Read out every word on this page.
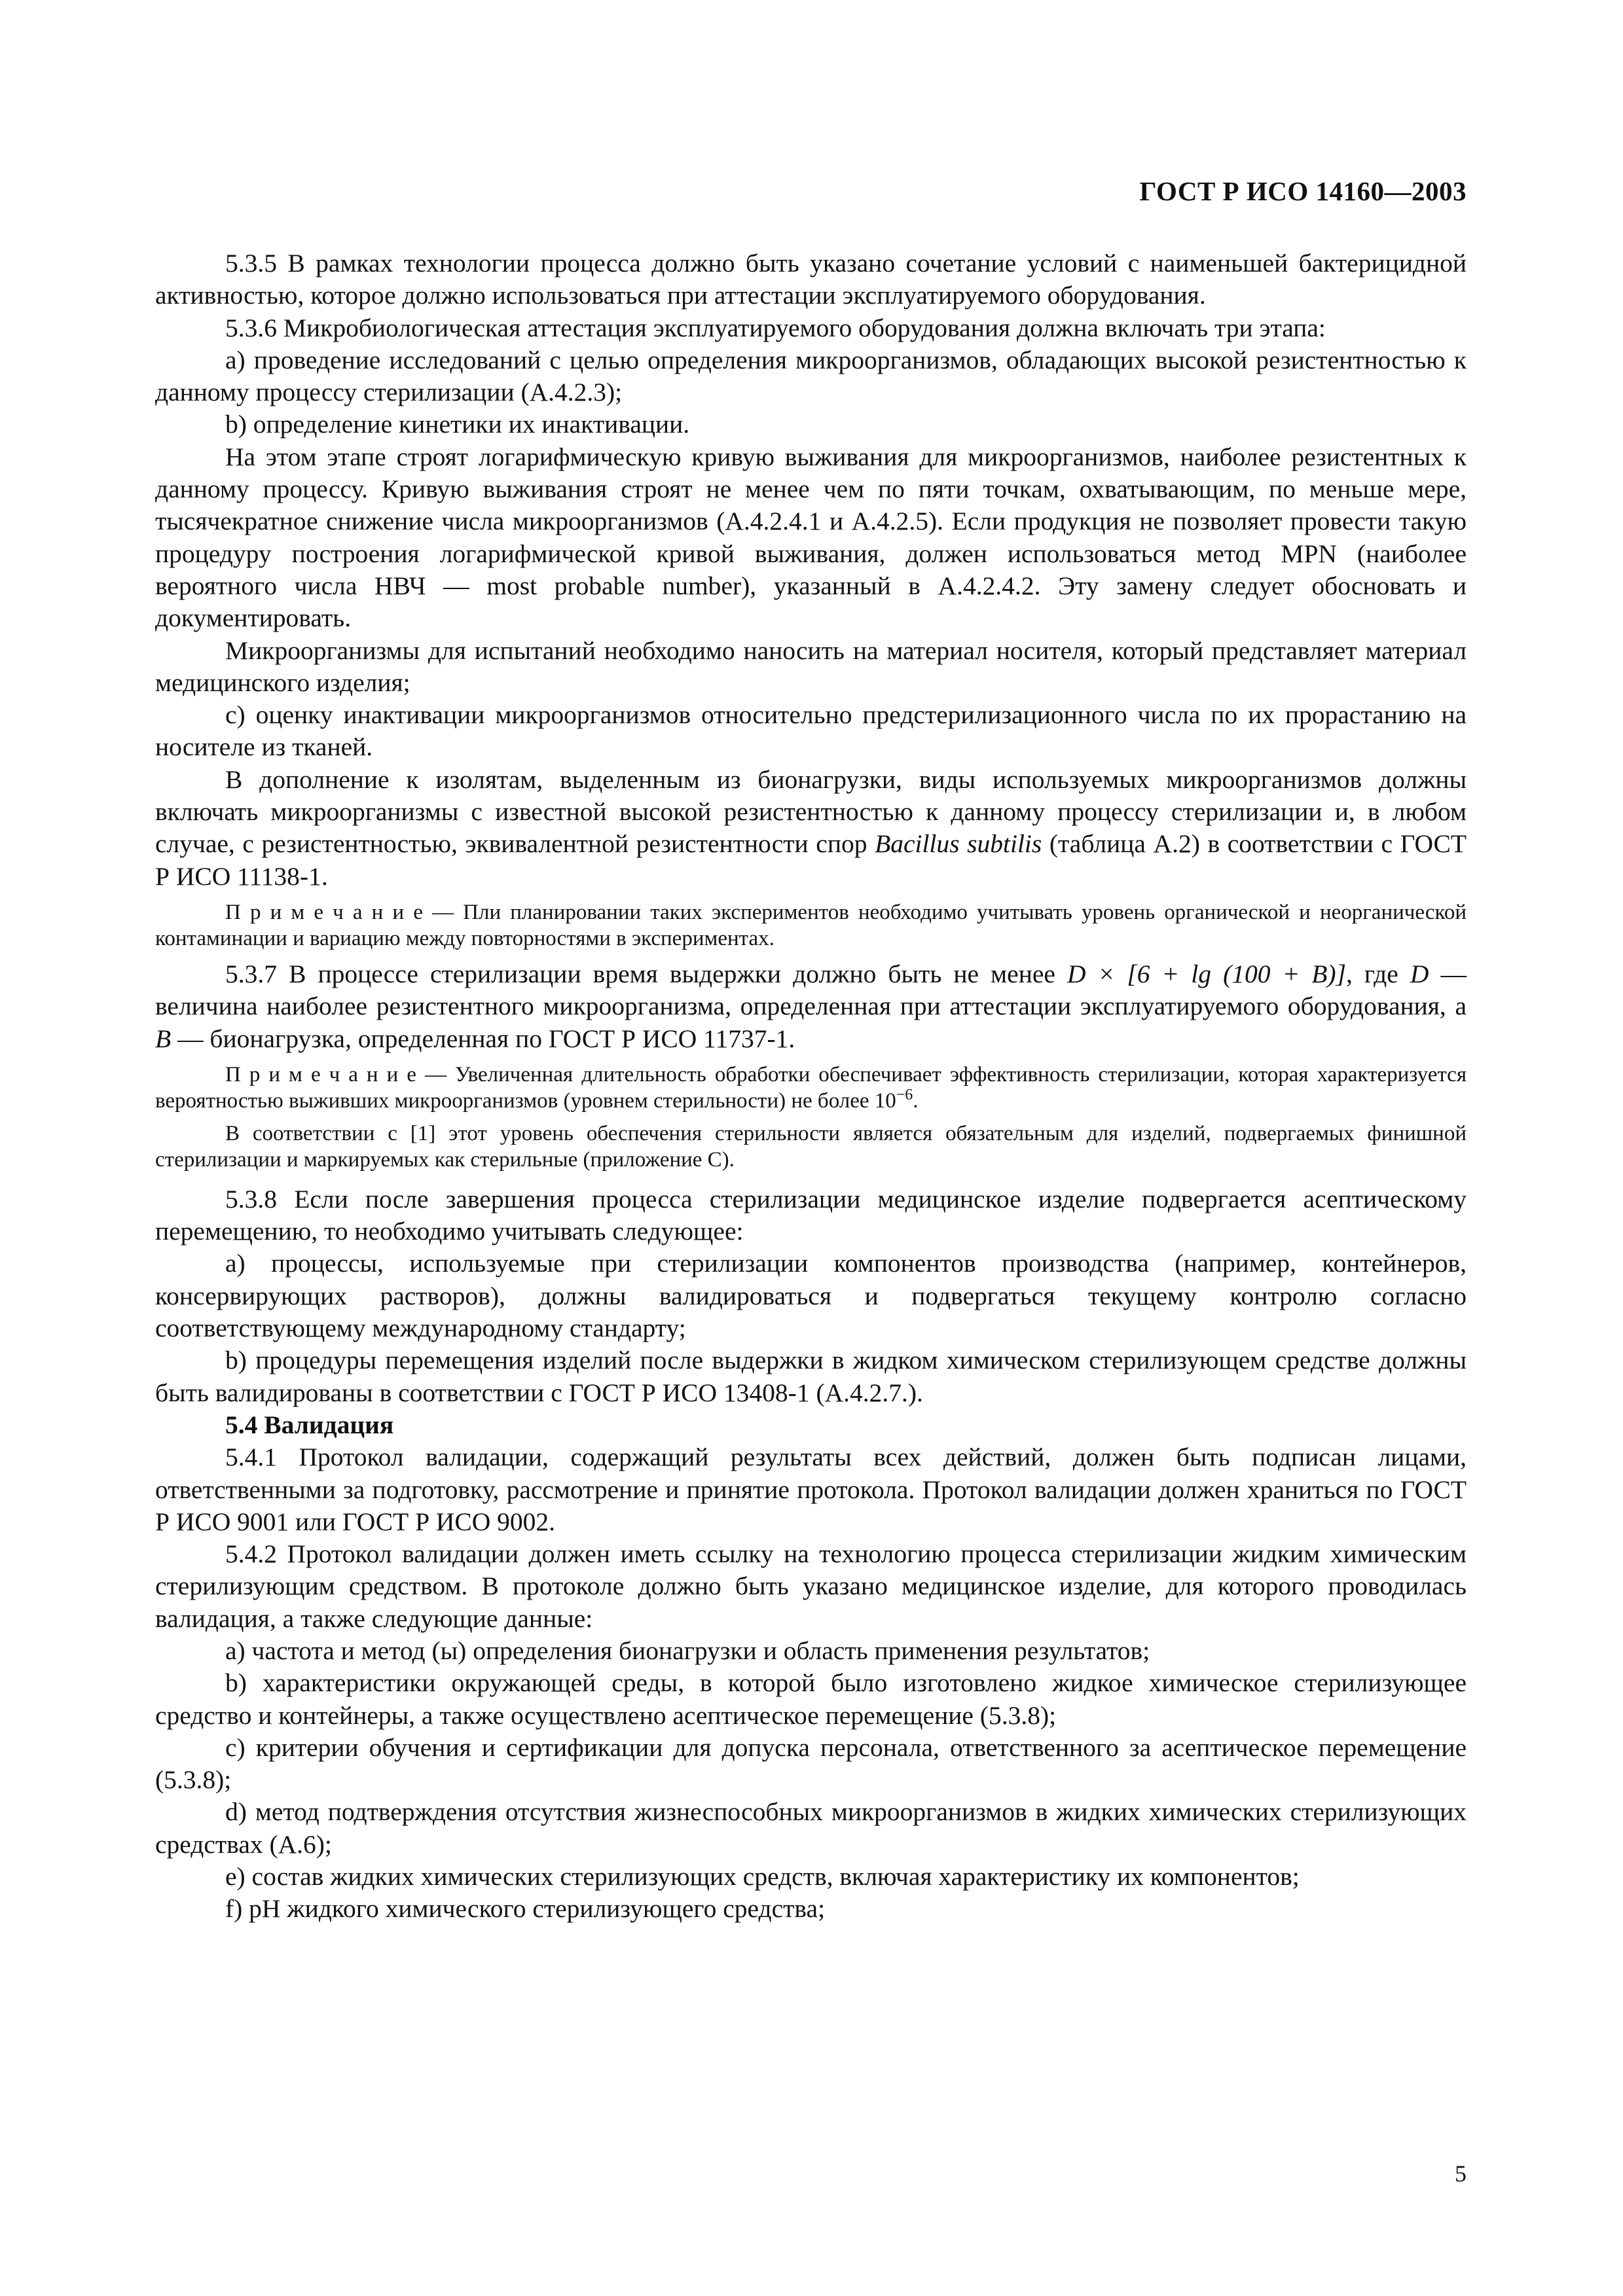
ГОСТ Р ИСО 14160—2003

5.3.5 В рамках технологии процесса должно быть указано сочетание условий с наименьшей бактерицидной активностью, которое должно использоваться при аттестации эксплуатируемого оборудования.

5.3.6 Микробиологическая аттестация эксплуатируемого оборудования должна включать три этапа:

а) проведение исследований с целью определения микроорганизмов, обладающих высокой резистентностью к данному процессу стерилизации (А.4.2.3);

b) определение кинетики их инактивации.

На этом этапе строят логарифмическую кривую выживания для микроорганизмов, наиболее резистентных к данному процессу. Кривую выживания строят не менее чем по пяти точкам, охватывающим, по меньше мере, тысячекратное снижение числа микроорганизмов (А.4.2.4.1 и А.4.2.5). Если продукция не позволяет провести такую процедуру построения логарифмической кривой выживания, должен использоваться метод MPN (наиболее вероятного числа НВЧ — most probable number), указанный в А.4.2.4.2. Эту замену следует обосновать и документировать.

Микроорганизмы для испытаний необходимо наносить на материал носителя, который представляет материал медицинского изделия;

с) оценку инактивации микроорганизмов относительно предстерилизационного числа по их прорастанию на носителе из тканей.

В дополнение к изолятам, выделенным из бионагрузки, виды используемых микроорганизмов должны включать микроорганизмы с известной высокой резистентностью к данному процессу стерилизации и, в любом случае, с резистентностью, эквивалентной резистентности спор Bacillus subtilis (таблица А.2) в соответствии с ГОСТ Р ИСО 11138-1.

П р и м е ч а н и е — Пли планировании таких экспериментов необходимо учитывать уровень органической и неорганической контаминации и вариацию между повторностями в экспериментах.

5.3.7 В процессе стерилизации время выдержки должно быть не менее D × [6 + lg (100 + B)], где D — величина наиболее резистентного микроорганизма, определенная при аттестации эксплуатируемого оборудования, а B — бионагрузка, определенная по ГОСТ Р ИСО 11737-1.

П р и м е ч а н и е — Увеличенная длительность обработки обеспечивает эффективность стерилизации, которая характеризуется вероятностью выживших микроорганизмов (уровнем стерильности) не более $10^{-6}$.

В соответствии с [1] этот уровень обеспечения стерильности является обязательным для изделий, подвергаемых финишной стерилизации и маркируемых как стерильные (приложение С).

5.3.8 Если после завершения процесса стерилизации медицинское изделие подвергается асептическому перемещению, то необходимо учитывать следующее:

а) процессы, используемые при стерилизации компонентов производства (например, контейнеров, консервирующих растворов), должны валидироваться и подвергаться текущему контролю согласно соответствующему международному стандарту;

b) процедуры перемещения изделий после выдержки в жидком химическом стерилизующем средстве должны быть валидированы в соответствии с ГОСТ Р ИСО 13408-1 (А.4.2.7.).

5.4 Валидация

5.4.1 Протокол валидации, содержащий результаты всех действий, должен быть подписан лицами, ответственными за подготовку, рассмотрение и принятие протокола. Протокол валидации должен храниться по ГОСТ Р ИСО 9001 или ГОСТ Р ИСО 9002.

5.4.2 Протокол валидации должен иметь ссылку на технологию процесса стерилизации жидким химическим стерилизующим средством. В протоколе должно быть указано медицинское изделие, для которого проводилась валидация, а также следующие данные:

а) частота и метод (ы) определения бионагрузки и область применения результатов;

b) характеристики окружающей среды, в которой было изготовлено жидкое химическое стерилизующее средство и контейнеры, а также осуществлено асептическое перемещение (5.3.8);

с) критерии обучения и сертификации для допуска персонала, ответственного за асептическое перемещение (5.3.8);

d) метод подтверждения отсутствия жизнеспособных микроорганизмов в жидких химических стерилизующих средствах (А.6);

е) состав жидких химических стерилизующих средств, включая характеристику их компонентов;

f) рН жидкого химического стерилизующего средства;

5
